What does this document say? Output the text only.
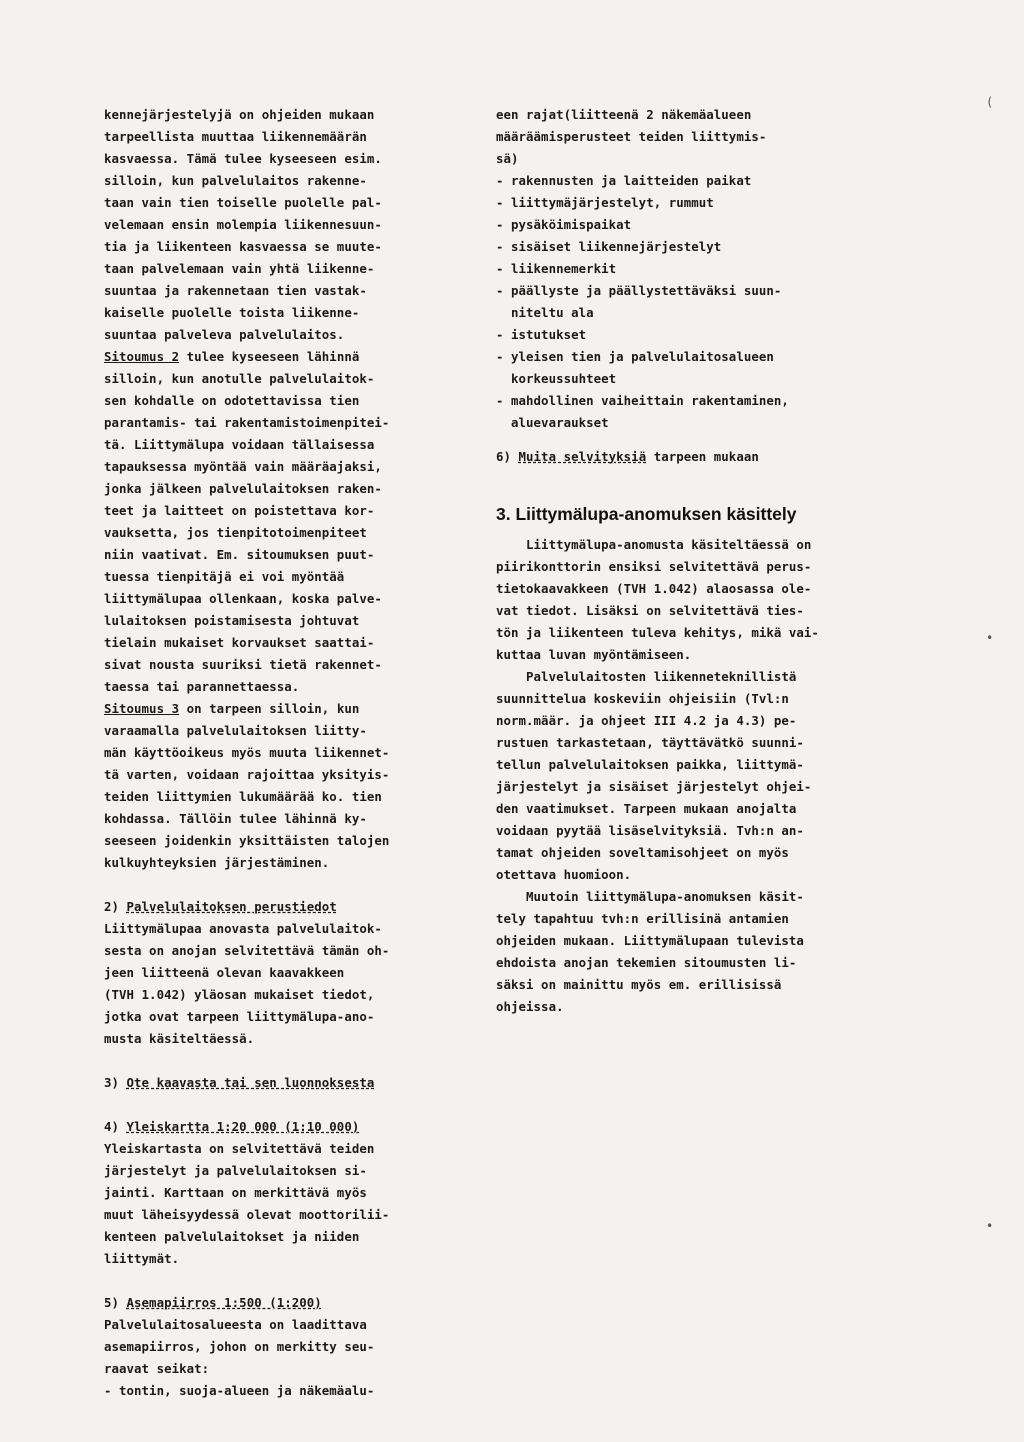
kennejärjestelyjä on ohjeiden mukaan
tarpeellista muuttaa liikennemäärän
kasvaessa. Tämä tulee kyseeseen esim.
silloin, kun palvelulaitos rakenne-
taan vain tien toiselle puolelle pal-
velemaan ensin molempia liikennesuun-
tia ja liikenteen kasvaessa se muute-
taan palvelemaan vain yhtä liikenne-
suuntaa ja rakennetaan tien vastak-
kaiselle puolelle toista liikenne-
suuntaa palveleva palvelulaitos.
Sitoumus 2 tulee kyseeseen lähinnä
silloin, kun anotulle palvelulaitok-
sen kohdalle on odotettavissa tien
parantamis- tai rakentamistoimenpitei-
tä. Liittymälupa voidaan tällaisessa
tapauksessa myöntää vain määräajaksi,
jonka jälkeen palvelulaitoksen raken-
teet ja laitteet on poistettava kor-
vauksetta, jos tienpitotoimenpiteet
niin vaativat. Em. sitoumuksen puut-
tuessa tienpitäjä ei voi myöntää
liittymälupaa ollenkaan, koska palve-
lulaitoksen poistamisesta johtuvat
tielain mukaiset korvaukset saattai-
sivat nousta suuriksi tietä rakennet-
taessa tai parannettaessa.
Sitoumus 3 on tarpeen silloin, kun
varaamalla palvelulaitoksen liitty-
män käyttöoikeus myös muuta liikennet-
tä varten, voidaan rajoittaa yksityis-
teiden liittymien lukumäärää ko. tien
kohdassa. Tällöin tulee lähinnä ky-
seeseen joidenkin yksittäisten talojen
kulkuyhteyksien järjestäminen.
2) Palvelulaitoksen perustiedot
Liittymälupaa anovasta palvelulaitok-
sesta on anojan selvitettävä tämän oh-
jeen liitteenä olevan kaavakkeen
(TVH 1.042) yläosan mukaiset tiedot,
jotka ovat tarpeen liittymälupa-ano-
musta käsiteltäessä.
3) Ote kaavasta tai sen luonnoksesta
4) Yleiskartta 1:20 000 (1:10 000)
Yleiskartasta on selvitettävä teiden
järjestelyt ja palvelulaitoksen si-
jainti. Karttaan on merkittävä myös
muut läheisyydessä olevat moottorilii-
kenteen palvelulaitokset ja niiden
liittymät.
5) Asemapiirros 1:500 (1:200)
Palvelulaitosalueesta on laadittava
asemapiirros, johon on merkitty seu-
raavat seikat:
- tontin, suoja-alueen ja näkemäalu-
een rajat(liitteenä 2 näkemäalueen
määräämisperusteet teiden liittymis-
sä)
- rakennusten ja laitteiden paikat
- liittymäjärjestelyt, rummut
- pysäköimispaikat
- sisäiset liikennejärjestelyt
- liikennemerkit
- päällyste ja päällystettäväksi suun-
niteltu ala
- istutukset
- yleisen tien ja palvelulaitosalueen
korkeussuhteet
- mahdollinen vaiheittain rakentaminen,
aluevaraukset
6) Muita selvityksiä tarpeen mukaan
3. Liittymälupa-anomuksen käsittely
Liittymälupa-anomusta käsiteltäessä on
piirikonttorin ensiksi selvitettävä perus-
tietokaavakkeen (TVH 1.042) alaosassa ole-
vat tiedot. Lisäksi on selvitettävä ties-
tön ja liikenteen tuleva kehitys, mikä vai-
kuttaa luvan myöntämiseen.
Palvelulaitosten liikenneteknillistä
suunnittelua koskeviin ohjeisiin (Tvl:n
norm.määr. ja ohjeet III 4.2 ja 4.3) pe-
rustuen tarkastetaan, täyttävätkö suunni-
tellun palvelulaitoksen paikka, liittymä-
järjestelyt ja sisäiset järjestelyt ohjei-
den vaatimukset. Tarpeen mukaan anojalta
voidaan pyytää lisäselvityksiä. Tvh:n an-
tamat ohjeiden soveltamisohjeet on myös
otettava huomioon.
Muutoin liittymälupa-anomuksen käsit-
tely tapahtuu tvh:n erillisinä antamien
ohjeiden mukaan. Liittymälupaan tulevista
ehdoista anojan tekemien sitoumusten li-
säksi on mainittu myös em. erillisissä
ohjeissa.
(
•
•
